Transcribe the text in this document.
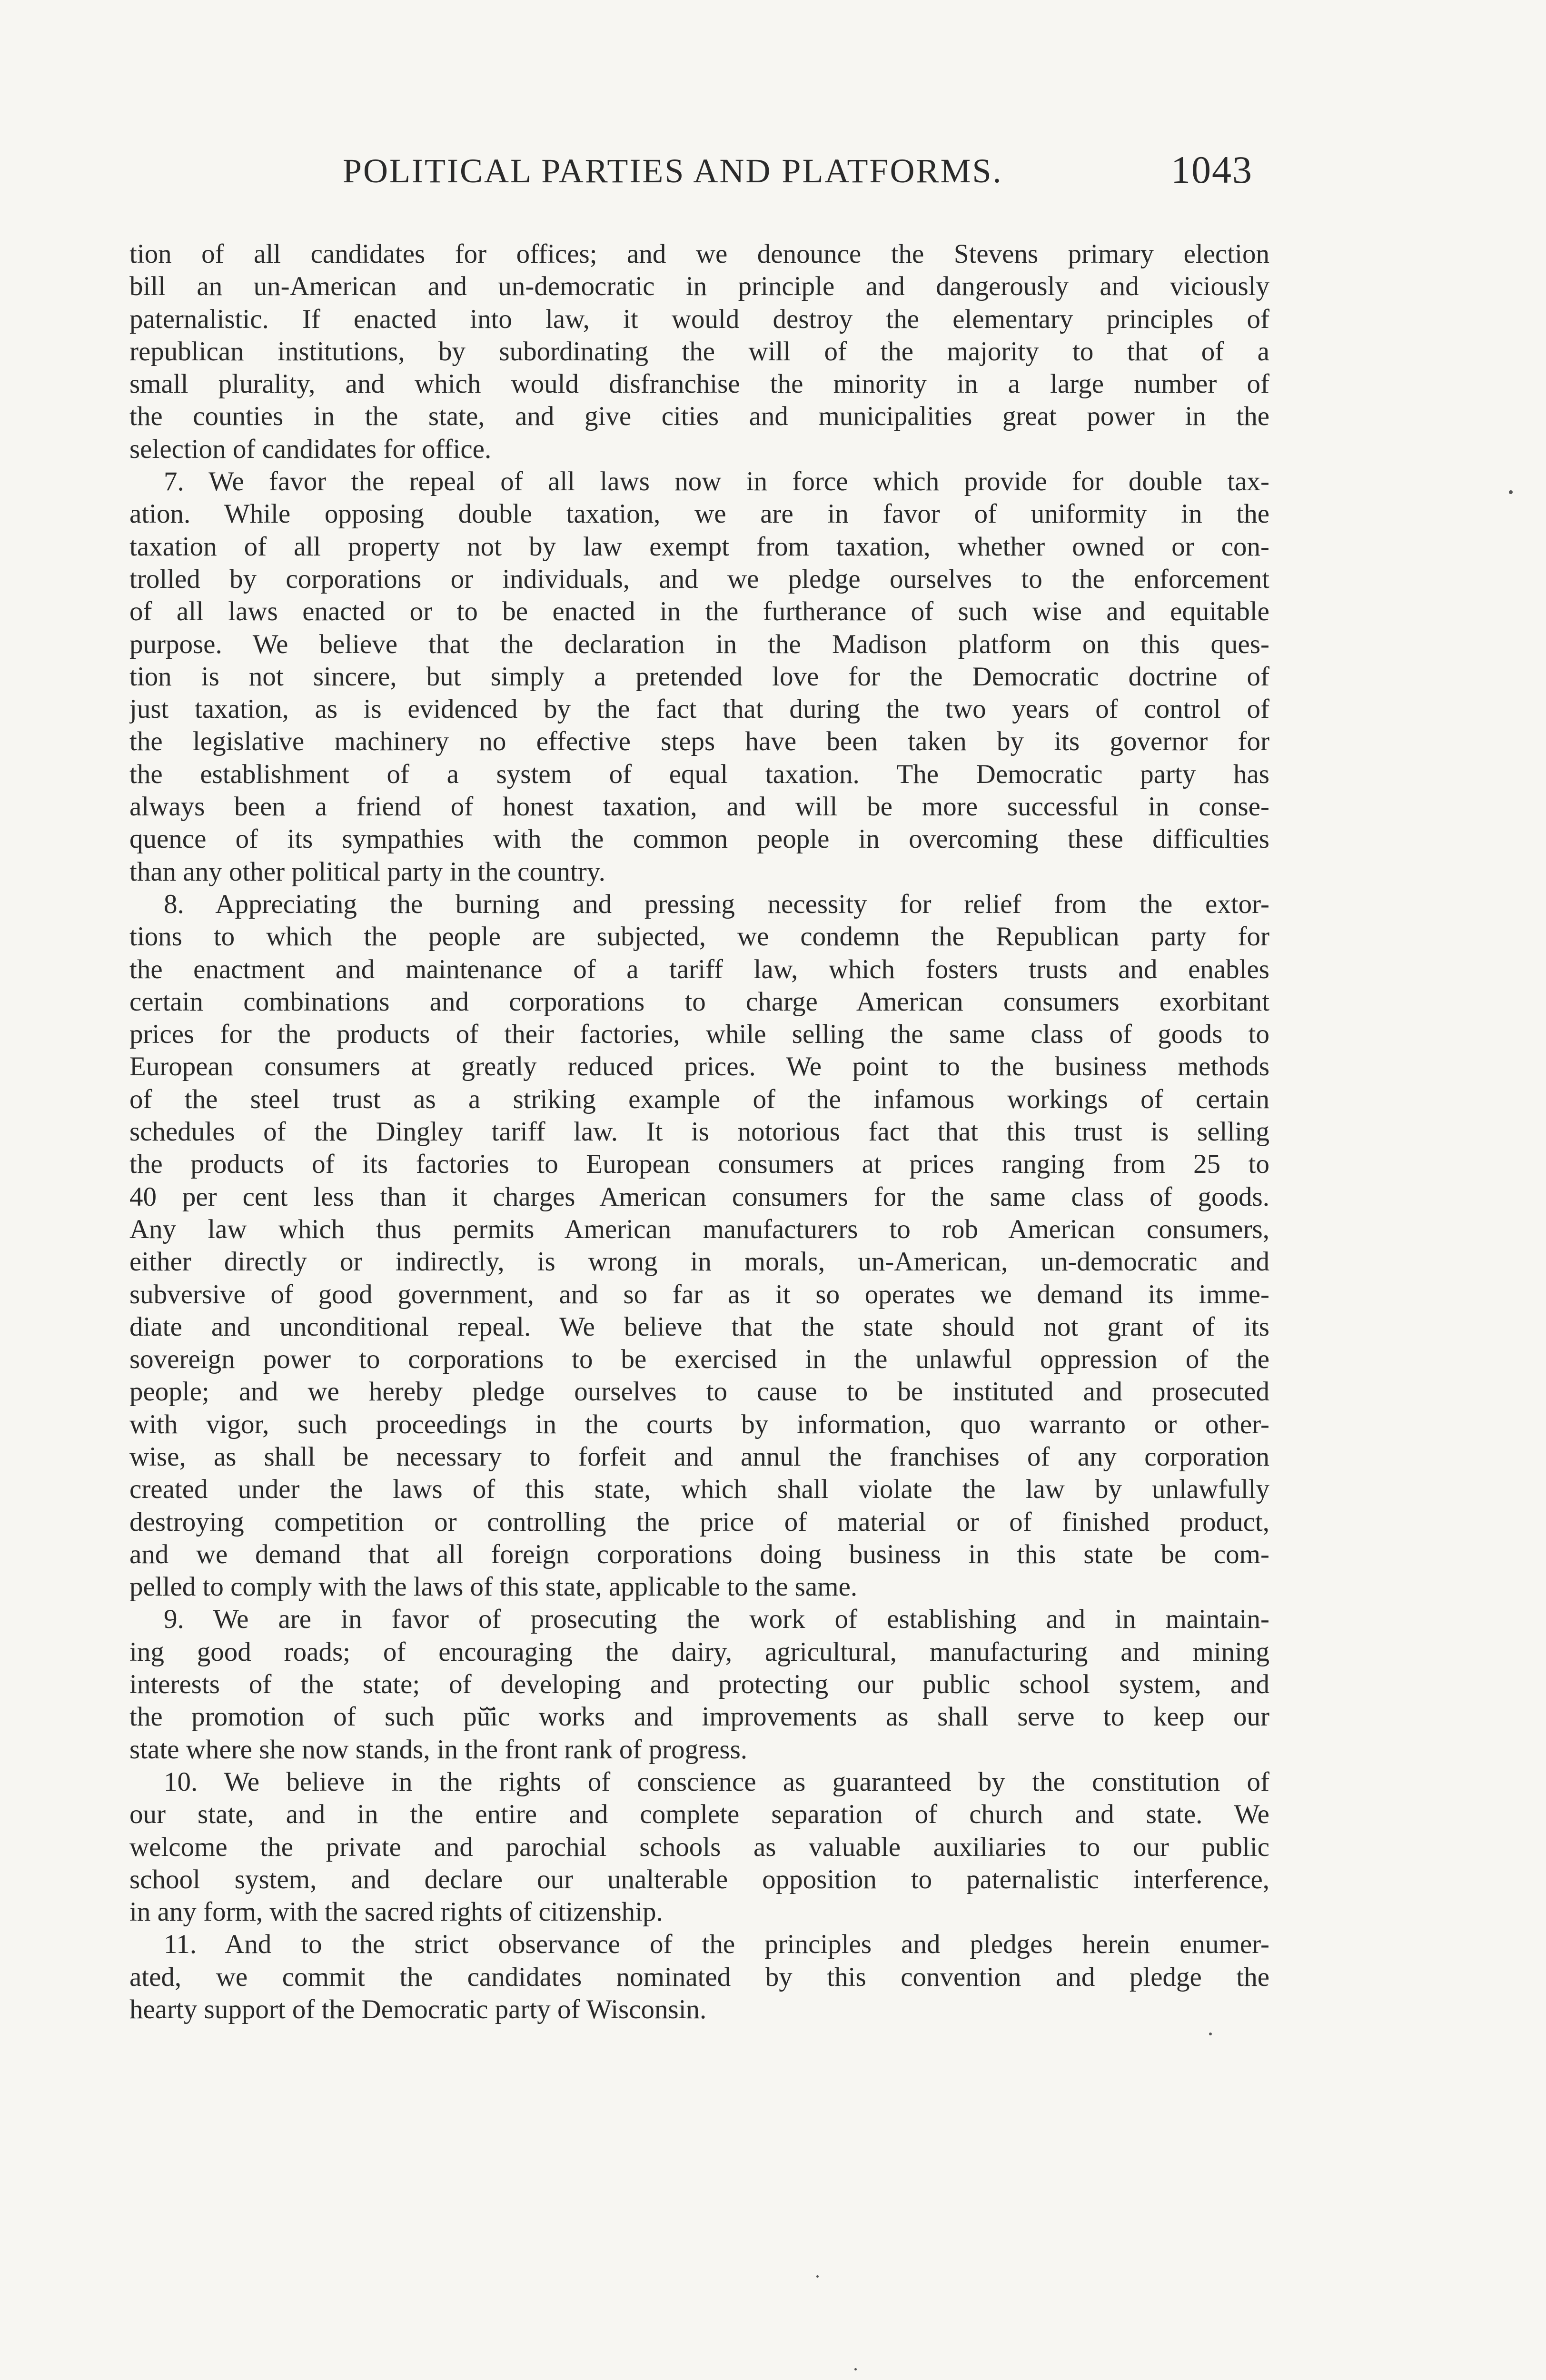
POLITICAL PARTIES AND PLATFORMS.	1043
tion of all candidates for offices; and we denounce the Stevens primary election
bill an un-American and un-democratic in principle and dangerously and viciously
paternalistic. If enacted into law, it would destroy the elementary principles of
republican institutions, by subordinating the will of the majority to that of a
small plurality, and which would disfranchise the minority in a large number of
the counties in the state, and give cities and municipalities great power in the
selection of candidates for office.
7. We favor the repeal of all laws now in force which provide for double tax-
ation. While opposing double taxation, we are in favor of uniformity in the
taxation of all property not by law exempt from taxation, whether owned or con-
trolled by corporations or individuals, and we pledge ourselves to the enforcement
of all laws enacted or to be enacted in the furtherance of such wise and equitable
purpose. We believe that the declaration in the Madison platform on this ques-
tion is not sincere, but simply a pretended love for the Democratic doctrine of
just taxation, as is evidenced by the fact that during the two years of control of
the legislative machinery no effective steps have been taken by its governor for
the establishment of a system of equal taxation. The Democratic party has
always been a friend of honest taxation, and will be more successful in conse-
quence of its sympathies with the common people in overcoming these difficulties
than any other political party in the country.
8. Appreciating the burning and pressing necessity for relief from the extor-
tions to which the people are subjected, we condemn the Republican party for
the enactment and maintenance of a tariff law, which fosters trusts and enables
certain combinations and corporations to charge American consumers exorbitant
prices for the products of their factories, while selling the same class of goods to
European consumers at greatly reduced prices. We point to the business methods
of the steel trust as a striking example of the infamous workings of certain
schedules of the Dingley tariff law. It is notorious fact that this trust is selling
the products of its factories to European consumers at prices ranging from 25 to
40 per cent less than it charges American consumers for the same class of goods.
Any law which thus permits American manufacturers to rob American consumers,
either directly or indirectly, is wrong in morals, un-American, un-democratic and
subversive of good government, and so far as it so operates we demand its imme-
diate and unconditional repeal. We believe that the state should not grant of its
sovereign power to corporations to be exercised in the unlawful oppression of the
people; and we hereby pledge ourselves to cause to be instituted and prosecuted
with vigor, such proceedings in the courts by information, quo warranto or other-
wise, as shall be necessary to forfeit and annul the franchises of any corporation
created under the laws of this state, which shall violate the law by unlawfully
destroying competition or controlling the price of material or of finished product,
and we demand that all foreign corporations doing business in this state be com-
pelled to comply with the laws of this state, applicable to the same.
9. We are in favor of prosecuting the work of establishing and in maintain-
ing good roads; of encouraging the dairy, agricultural, manufacturing and mining
interests of the state; of developing and protecting our public school system, and
the promotion of such pŭ̆ic works and improvements as shall serve to keep our
state where she now stands, in the front rank of progress.
10. We believe in the rights of conscience as guaranteed by the constitution of
our state, and in the entire and complete separation of church and state. We
welcome the private and parochial schools as valuable auxiliaries to our public
school system, and declare our unalterable opposition to paternalistic interference,
in any form, with the sacred rights of citizenship.
11. And to the strict observance of the principles and pledges herein enumer-
ated, we commit the candidates nominated by this convention and pledge the
hearty support of the Democratic party of Wisconsin.
